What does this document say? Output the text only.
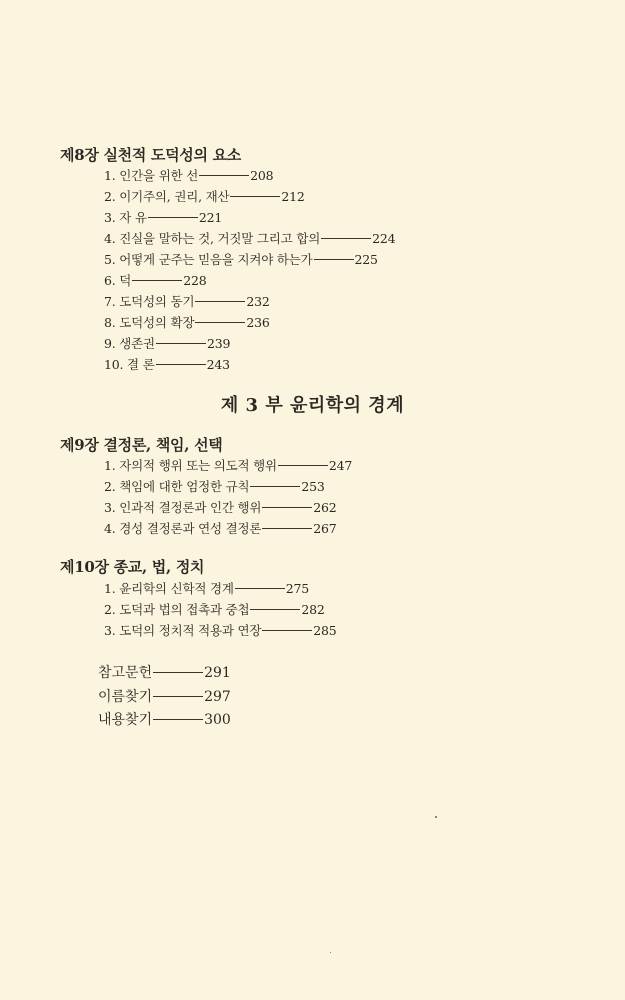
제8장 실천적 도덕성의 요소
1. 인간을 위한 선	208
2. 이기주의, 권리, 재산	212
3. 자 유	221
4. 진실을 말하는 것, 거짓말 그리고 합의	224
5. 어떻게 군주는 믿음을 지켜야 하는가	225
6. 덕	228
7. 도덕성의 동기	232
8. 도덕성의 확장	236
9. 생존권	239
10. 결 론	243
제 3 부 윤리학의 경계
제9장 결정론, 책임, 선택
1. 자의적 행위 또는 의도적 행위	247
2. 책임에 대한 엄정한 규칙	253
3. 인과적 결정론과 인간 행위	262
4. 경성 결정론과 연성 결정론	267
제10장 종교, 법, 정치
1. 윤리학의 신학적 경계	275
2. 도덕과 법의 접촉과 중첩	282
3. 도덕의 정치적 적용과 연장	285
참고문헌	291
이름찾기	297
내용찾기	300
